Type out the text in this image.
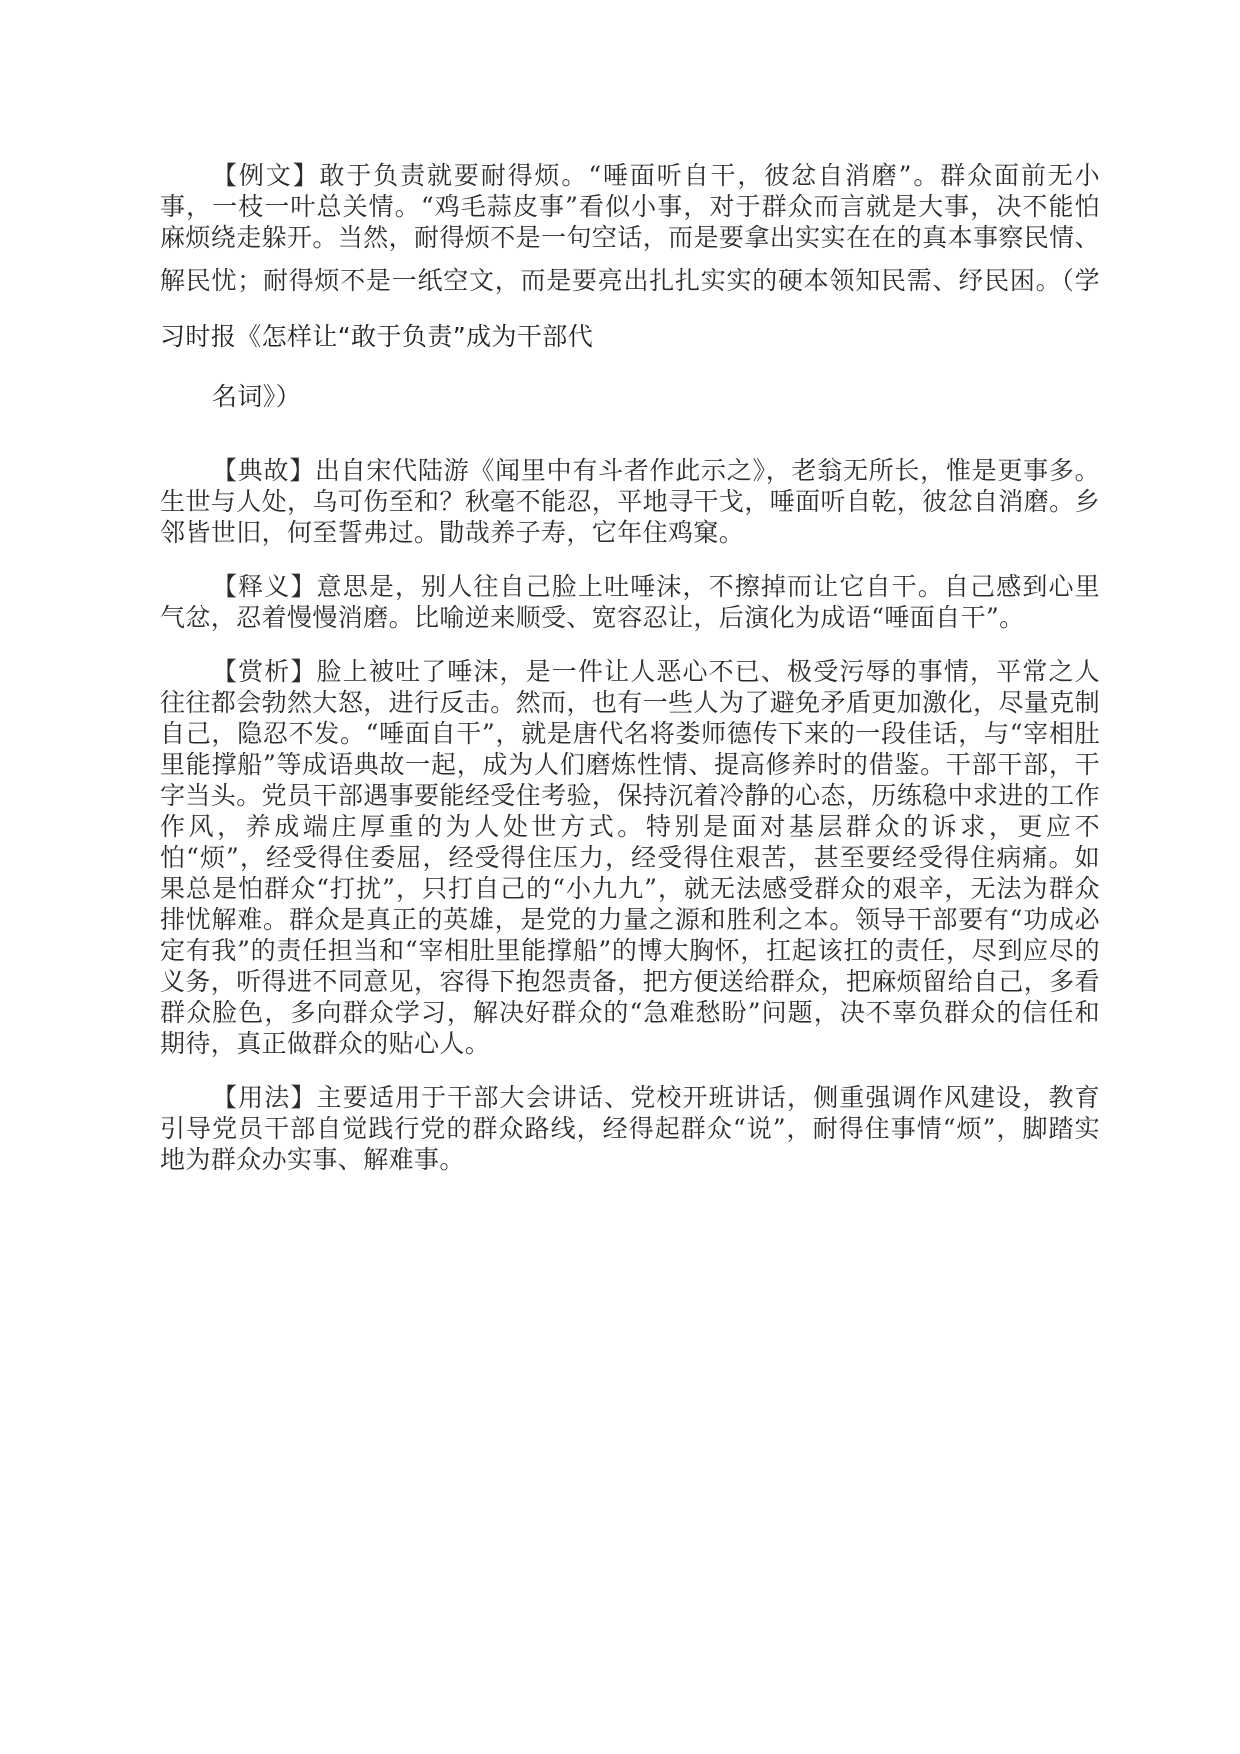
【例文】敢于负责就要耐得烦。“唾面听自干，彼忿自消磨”。群众面前无小事，一枝一叶总关情。“鸡毛蒜皮事”看似小事，对于群众而言就是大事，决不能怕麻烦绕走躲开。当然，耐得烦不是一句空话，而是要拿出实实在在的真本事察民情、解民忧；耐得烦不是一纸空文，而是要亮出扎扎实实的硬本领知民需、纾民困。（学习时报《怎样让“敢于负责”成为干部代
名词》）

【典故】出自宋代陆游《闻里中有斗者作此示之》，老翁无所长，惟是更事多。生世与人处，乌可伤至和？秋毫不能忍，平地寻干戈，唾面听自乾，彼忿自消磨。乡邻皆世旧，何至誓弗过。勖哉养子寿，它年住鸡窠。

【释义】意思是，别人往自己脸上吐唾沫，不擦掉而让它自干。自己感到心里气忿，忍着慢慢消磨。比喻逆来顺受、宽容忍让，后演化为成语“唾面自干”。

【赏析】脸上被吐了唾沫，是一件让人恶心不已、极受污辱的事情，平常之人往往都会勃然大怒，进行反击。然而，也有一些人为了避免矛盾更加激化，尽量克制自己，隐忍不发。“唾面自干”，就是唐代名将娄师德传下来的一段佳话，与“宰相肚里能撑船”等成语典故一起，成为人们磨炼性情、提高修养时的借鉴。干部干部，干字当头。党员干部遇事要能经受住考验，保持沉着冷静的心态，历练稳中求进的工作作风，养成端庄厚重的为人处世方式。特别是面对基层群众的诉求，更应不怕“烦”，经受得住委屈，经受得住压力，经受得住艰苦，甚至要经受得住病痛。如果总是怕群众“打扰”，只打自己的“小九九”，就无法感受群众的艰辛，无法为群众排忧解难。群众是真正的英雄，是党的力量之源和胜利之本。领导干部要有“功成必定有我”的责任担当和“宰相肚里能撑船”的博大胸怀，扛起该扛的责任，尽到应尽的义务，听得进不同意见，容得下抱怨责备，把方便送给群众，把麻烦留给自己，多看群众脸色，多向群众学习，解决好群众的“急难愁盼”问题，决不辜负群众的信任和期待，真正做群众的贴心人。

【用法】主要适用于干部大会讲话、党校开班讲话，侧重强调作风建设，教育引导党员干部自觉践行党的群众路线，经得起群众“说”，耐得住事情“烦”，脚踏实地为群众办实事、解难事。
